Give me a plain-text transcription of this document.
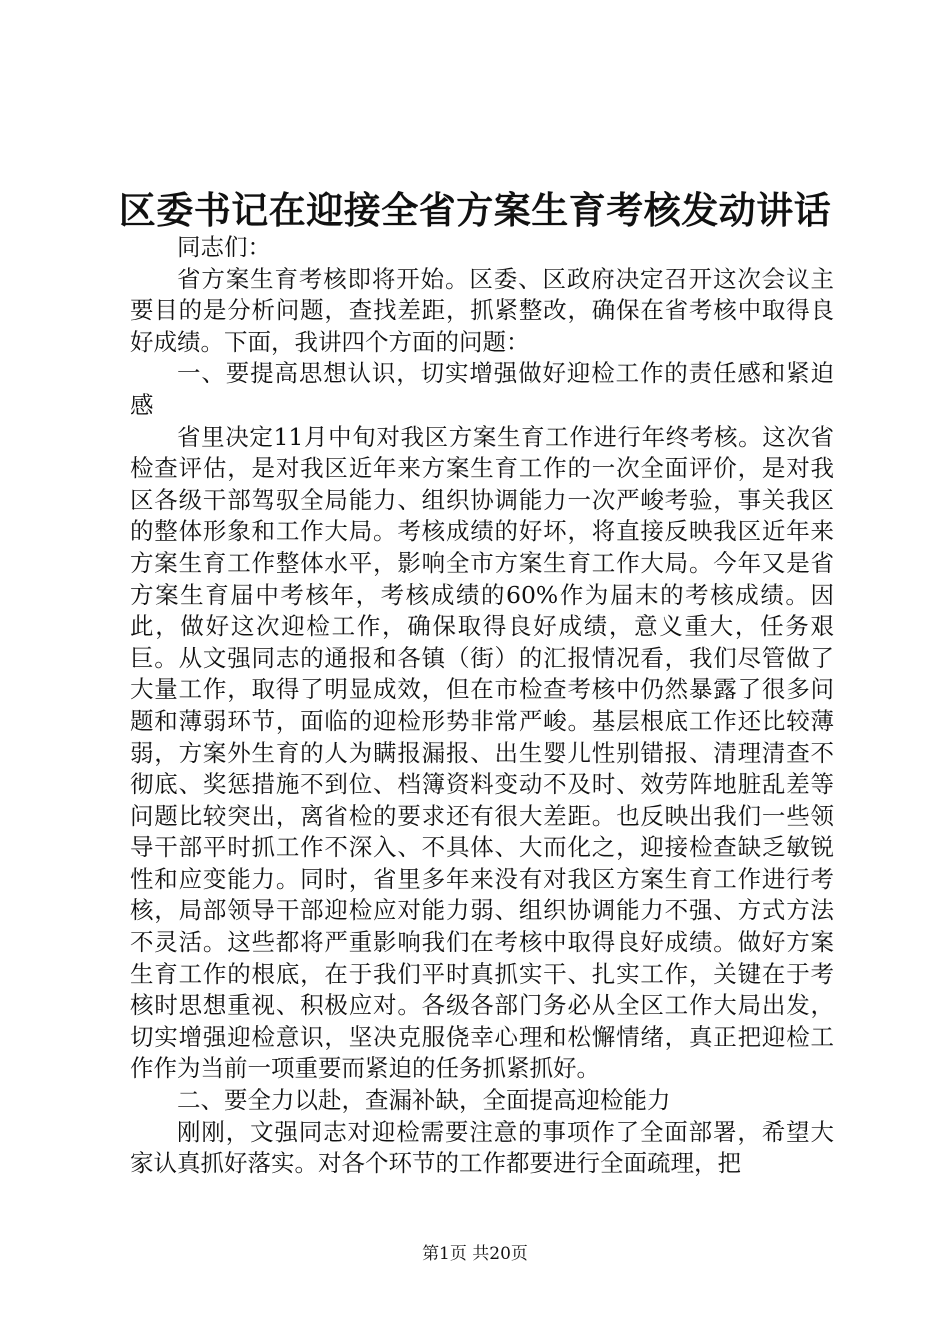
区委书记在迎接全省方案生育考核发动讲话

同志们：

省方案生育考核即将开始。区委、区政府决定召开这次会议主要目的是分析问题，查找差距，抓紧整改，确保在省考核中取得良好成绩。下面，我讲四个方面的问题：

一、要提高思想认识，切实增强做好迎检工作的责任感和紧迫感

省里决定11月中旬对我区方案生育工作进行年终考核。这次省检查评估，是对我区近年来方案生育工作的一次全面评价，是对我区各级干部驾驭全局能力、组织协调能力一次严峻考验，事关我区的整体形象和工作大局。考核成绩的好坏，将直接反映我区近年来方案生育工作整体水平，影响全市方案生育工作大局。今年又是省方案生育届中考核年，考核成绩的60%作为届末的考核成绩。因此，做好这次迎检工作，确保取得良好成绩，意义重大，任务艰巨。从文强同志的通报和各镇（街）的汇报情况看，我们尽管做了大量工作，取得了明显成效，但在市检查考核中仍然暴露了很多问题和薄弱环节，面临的迎检形势非常严峻。基层根底工作还比较薄弱，方案外生育的人为瞒报漏报、出生婴儿性别错报、清理清查不彻底、奖惩措施不到位、档簿资料变动不及时、效劳阵地脏乱差等问题比较突出，离省检的要求还有很大差距。也反映出我们一些领导干部平时抓工作不深入、不具体、大而化之，迎接检查缺乏敏锐性和应变能力。同时，省里多年来没有对我区方案生育工作进行考核，局部领导干部迎检应对能力弱、组织协调能力不强、方式方法不灵活。这些都将严重影响我们在考核中取得良好成绩。做好方案生育工作的根底，在于我们平时真抓实干、扎实工作，关键在于考核时思想重视、积极应对。各级各部门务必从全区工作大局出发，切实增强迎检意识，坚决克服侥幸心理和松懈情绪，真正把迎检工作作为当前一项重要而紧迫的任务抓紧抓好。

二、要全力以赴，查漏补缺，全面提高迎检能力

刚刚，文强同志对迎检需要注意的事项作了全面部署，希望大家认真抓好落实。对各个环节的工作都要进行全面疏理，把

第1页 共20页
